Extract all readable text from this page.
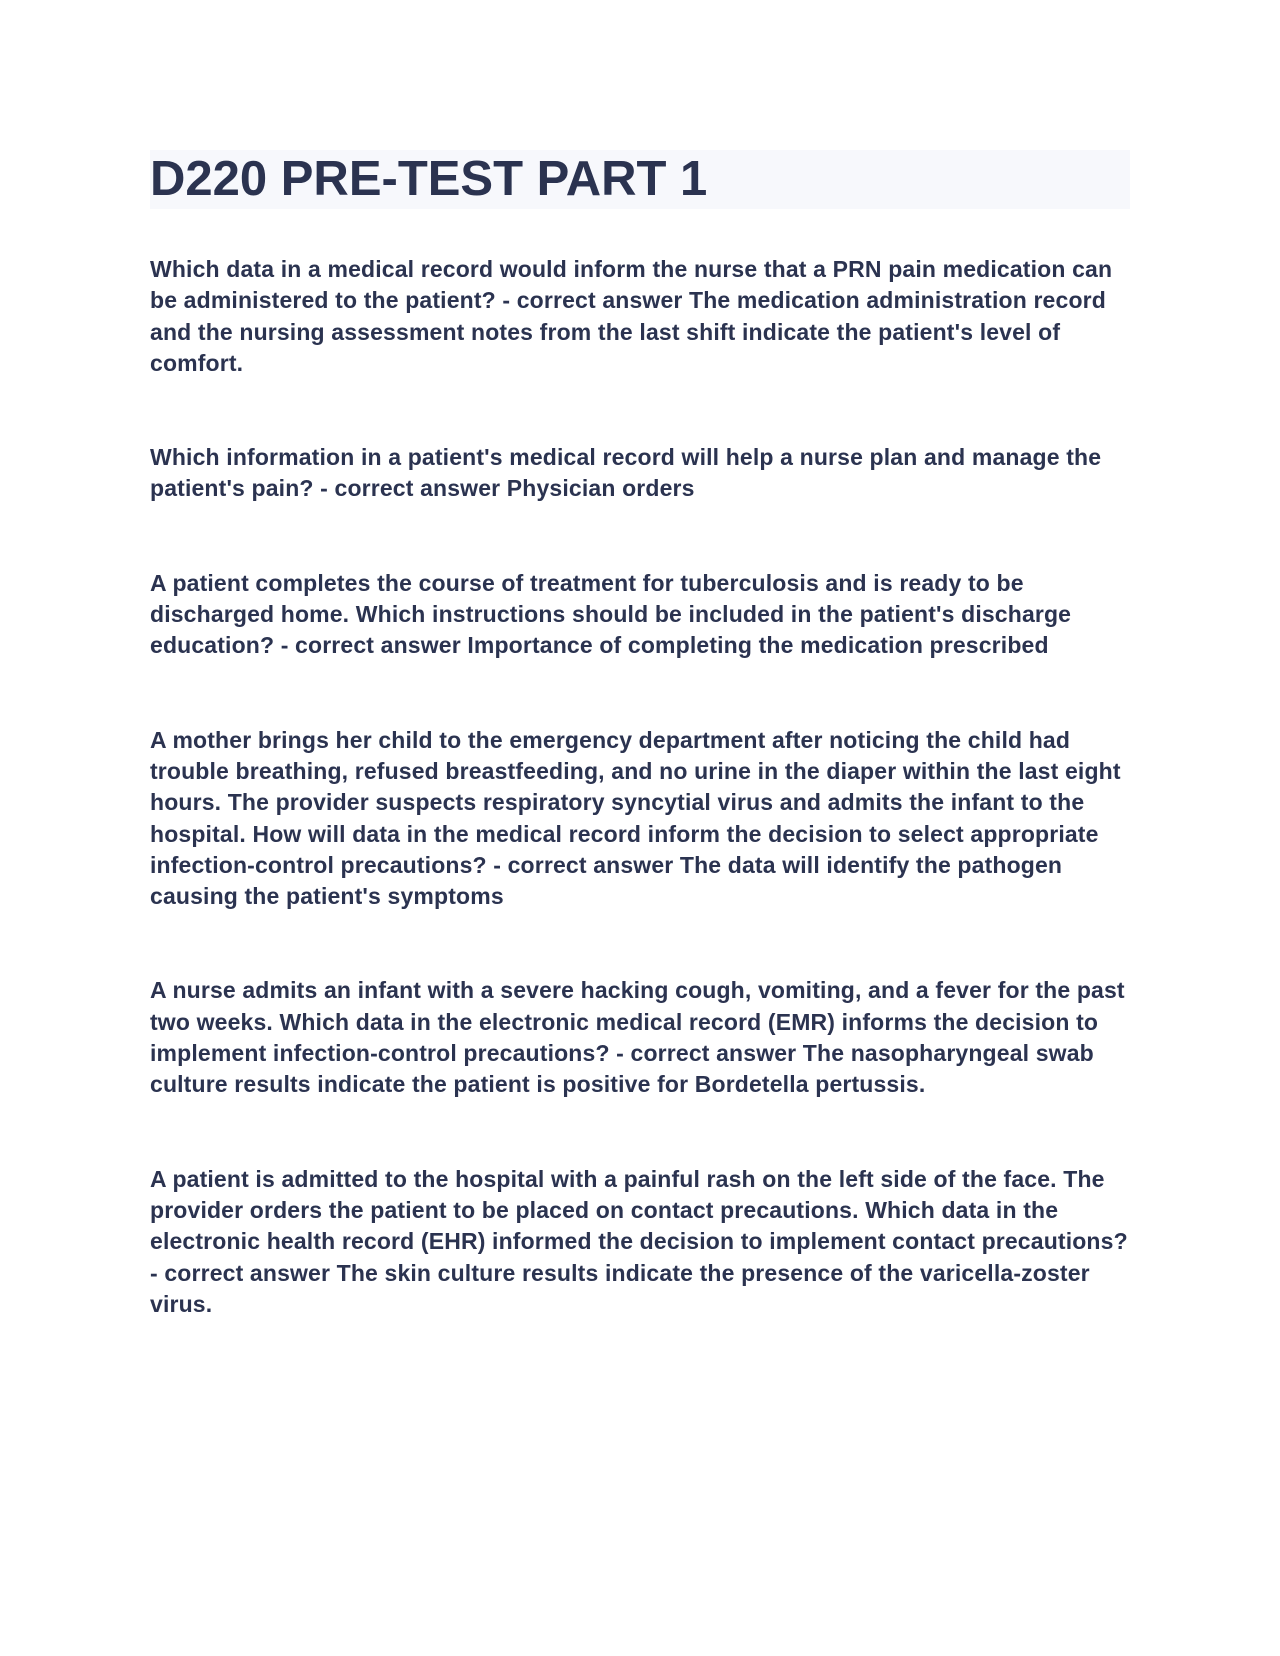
D220 PRE-TEST PART 1

Which data in a medical record would inform the nurse that a PRN pain medication can be administered to the patient? - correct answer The medication administration record and the nursing assessment notes from the last shift indicate the patient's level of comfort.

Which information in a patient's medical record will help a nurse plan and manage the patient's pain? - correct answer Physician orders

A patient completes the course of treatment for tuberculosis and is ready to be discharged home. Which instructions should be included in the patient's discharge education? - correct answer Importance of completing the medication prescribed

A mother brings her child to the emergency department after noticing the child had trouble breathing, refused breastfeeding, and no urine in the diaper within the last eight hours. The provider suspects respiratory syncytial virus and admits the infant to the hospital. How will data in the medical record inform the decision to select appropriate infection-control precautions? - correct answer The data will identify the pathogen causing the patient's symptoms

A nurse admits an infant with a severe hacking cough, vomiting, and a fever for the past two weeks. Which data in the electronic medical record (EMR) informs the decision to implement infection-control precautions? - correct answer The nasopharyngeal swab culture results indicate the patient is positive for Bordetella pertussis.

A patient is admitted to the hospital with a painful rash on the left side of the face. The provider orders the patient to be placed on contact precautions. Which data in the electronic health record (EHR) informed the decision to implement contact precautions? - correct answer The skin culture results indicate the presence of the varicella-zoster virus.
